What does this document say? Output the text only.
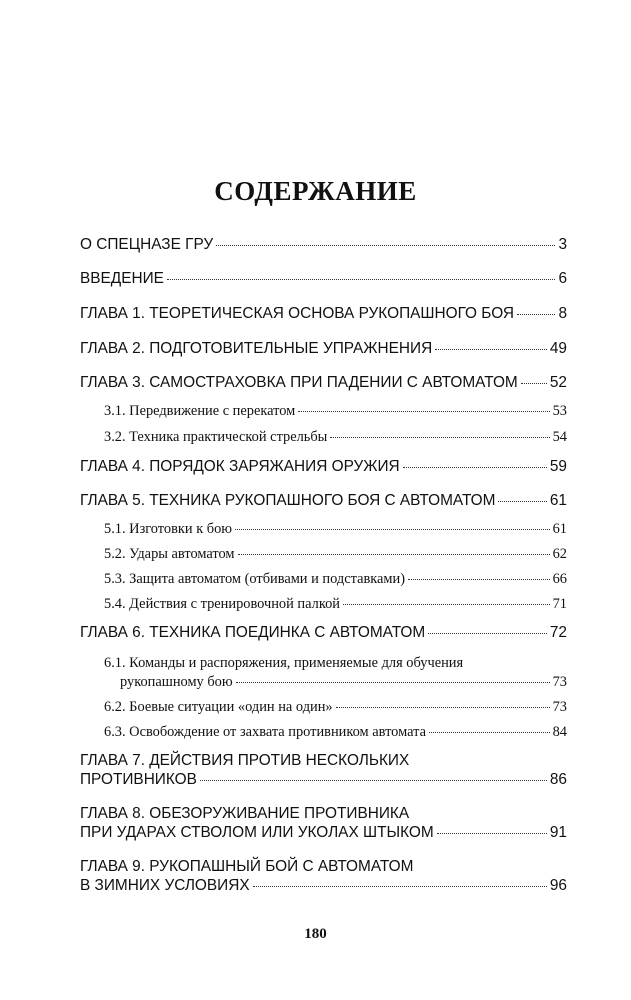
СОДЕРЖАНИЕ
О СПЕЦНАЗЕ ГРУ	3
ВВЕДЕНИЕ	6
ГЛАВА 1. ТЕОРЕТИЧЕСКАЯ ОСНОВА РУКОПАШНОГО БОЯ	8
ГЛАВА 2. ПОДГОТОВИТЕЛЬНЫЕ УПРАЖНЕНИЯ	49
ГЛАВА 3. САМОСТРАХОВКА ПРИ ПАДЕНИИ С АВТОМАТОМ 52
3.1. Передвижение с перекатом	53
3.2. Техника практической стрельбы	54
ГЛАВА 4. ПОРЯДОК ЗАРЯЖАНИЯ ОРУЖИЯ	59
ГЛАВА 5. ТЕХНИКА РУКОПАШНОГО БОЯ С АВТОМАТОМ	61
5.1. Изготовки к бою	61
5.2. Удары автоматом	62
5.3. Защита автоматом (отбивами и подставками)	66
5.4. Действия с тренировочной палкой	71
ГЛАВА 6. ТЕХНИКА ПОЕДИНКА С АВТОМАТОМ	72
6.1. Команды и распоряжения, применяемые для обучения
рукопашному бою	73
6.2. Боевые ситуации «один на один»	73
6.3. Освобождение от захвата противником автомата	84
ГЛАВА 7. ДЕЙСТВИЯ ПРОТИВ НЕСКОЛЬКИХ
ПРОТИВНИКОВ	86
ГЛАВА 8. ОБЕЗОРУЖИВАНИЕ ПРОТИВНИКА
ПРИ УДАРАХ СТВОЛОМ ИЛИ УКОЛАХ ШТЫКОМ	91
ГЛАВА 9. РУКОПАШНЫЙ БОЙ С АВТОМАТОМ
В ЗИМНИХ УСЛОВИЯХ	96
180
